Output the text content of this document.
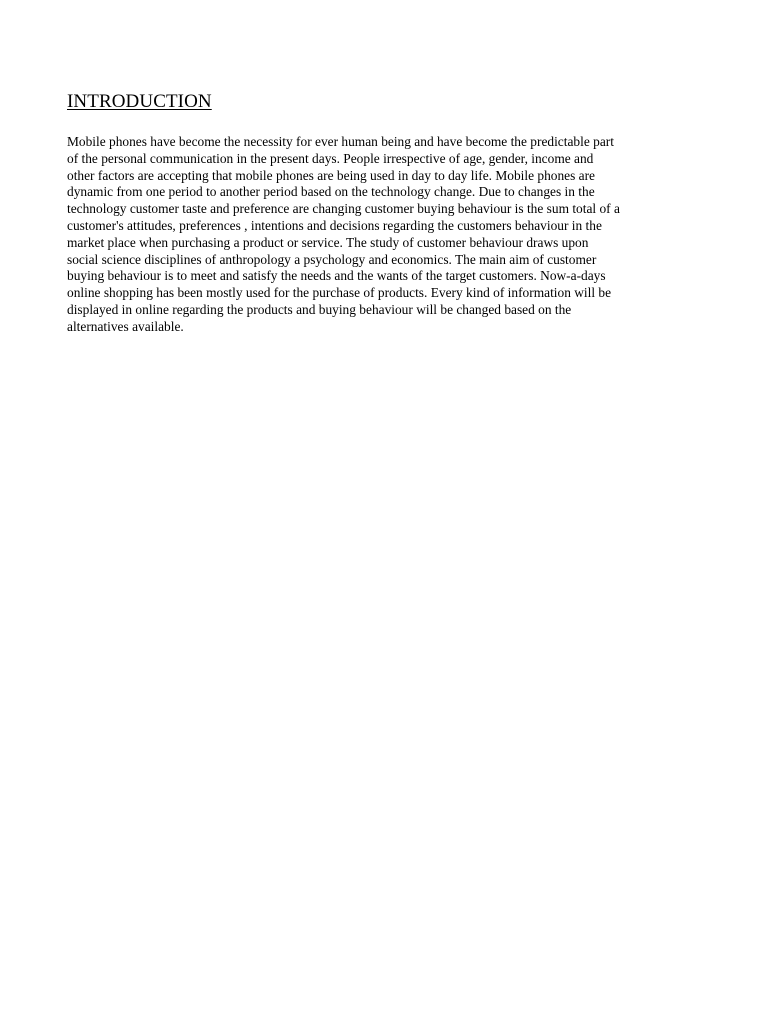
INTRODUCTION

Mobile phones have become the necessity for ever human being and have become the predictable part

of the personal communication in the present days. People irrespective of age, gender, income and

other factors are accepting that mobile phones are being used in day to day life. Mobile phones are

dynamic from one period to another period based on the technology change. Due to changes in the

technology customer taste and preference are changing customer buying behaviour is the sum total of a

customer's attitudes, preferences , intentions and decisions regarding the customers behaviour in the

market place when purchasing a product or service. The study of customer behaviour draws upon

social science disciplines of anthropology a psychology and economics. The main aim of customer

buying behaviour is to meet and satisfy the needs and the wants of the target customers. Now-a-days

online shopping has been mostly used for the purchase of products. Every kind of information will be

displayed in online regarding the products and buying behaviour will be changed based on the

alternatives available.
